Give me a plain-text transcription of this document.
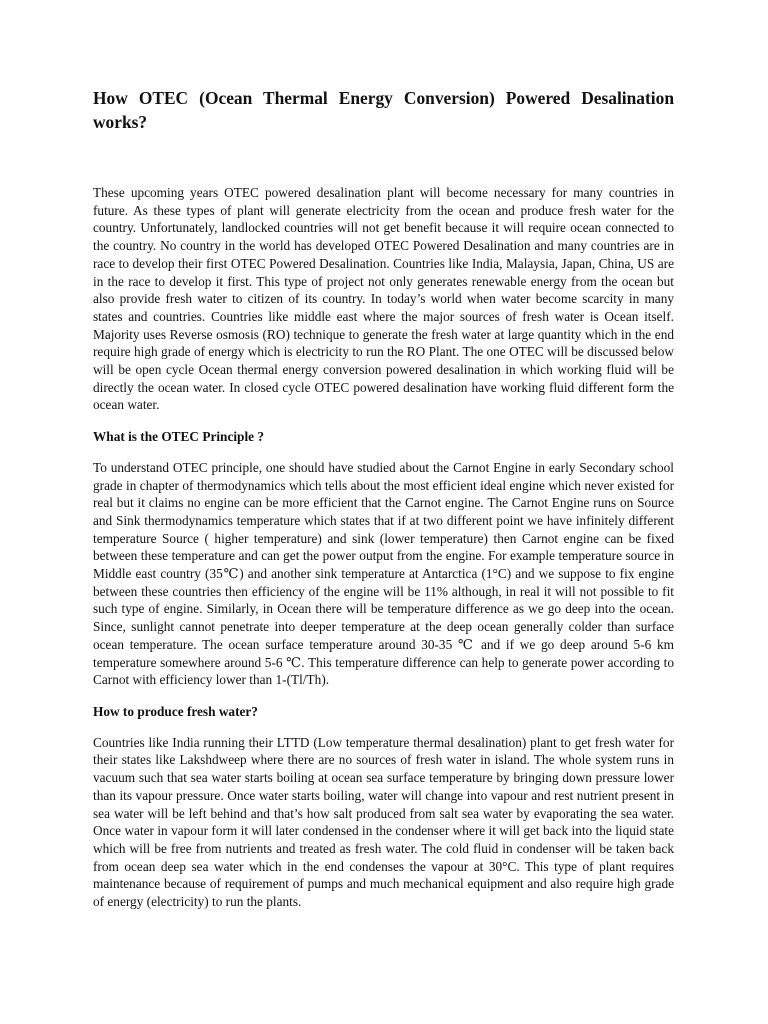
How OTEC (Ocean Thermal Energy Conversion) Powered Desalination works?

These upcoming years OTEC powered desalination plant will become necessary for many countries in future. As these types of plant will generate electricity from the ocean and produce fresh water for the country. Unfortunately, landlocked countries will not get benefit because it will require ocean connected to the country. No country in the world has developed OTEC Powered Desalination and many countries are in race to develop their first OTEC Powered Desalination. Countries like India, Malaysia, Japan, China, US are in the race to develop it first. This type of project not only generates renewable energy from the ocean but also provide fresh water to citizen of its country. In today’s world when water become scarcity in many states and countries. Countries like middle east where the major sources of fresh water is Ocean itself. Majority uses Reverse osmosis (RO) technique to generate the fresh water at large quantity which in the end require high grade of energy which is electricity to run the RO Plant. The one OTEC will be discussed below will be open cycle Ocean thermal energy conversion powered desalination in which working fluid will be directly the ocean water. In closed cycle OTEC powered desalination have working fluid different form the ocean water.

What is the OTEC Principle ?

To understand OTEC principle, one should have studied about the Carnot Engine in early Secondary school grade in chapter of thermodynamics which tells about the most efficient ideal engine which never existed for real but it claims no engine can be more efficient that the Carnot engine. The Carnot Engine runs on Source and Sink thermodynamics temperature which states that if at two different point we have infinitely different temperature Source ( higher temperature) and sink (lower temperature) then Carnot engine can be fixed between these temperature and can get the power output from the engine. For example temperature source in Middle east country (35℃) and another sink temperature at Antarctica (1°C) and we suppose to fix engine between these countries then efficiency of the engine will be 11% although, in real it will not possible to fit such type of engine. Similarly, in Ocean there will be temperature difference as we go deep into the ocean. Since, sunlight cannot penetrate into deeper temperature at the deep ocean generally colder than surface ocean temperature. The ocean surface temperature around 30-35 ℃ and if we go deep around 5-6 km temperature somewhere around 5-6 ℃. This temperature difference can help to generate power according to Carnot with efficiency lower than 1-(Tl/Th).

How to produce fresh water?

Countries like India running their LTTD (Low temperature thermal desalination) plant to get fresh water for their states like Lakshdweep where there are no sources of fresh water in island. The whole system runs in vacuum such that sea water starts boiling at ocean sea surface temperature by bringing down pressure lower than its vapour pressure. Once water starts boiling, water will change into vapour and rest nutrient present in sea water will be left behind and that’s how salt produced from salt sea water by evaporating the sea water. Once water in vapour form it will later condensed in the condenser where it will get back into the liquid state which will be free from nutrients and treated as fresh water. The cold fluid in condenser will be taken back from ocean deep sea water which in the end condenses the vapour at 30°C. This type of plant requires maintenance because of requirement of pumps and much mechanical equipment and also require high grade of energy (electricity) to run the plants.
